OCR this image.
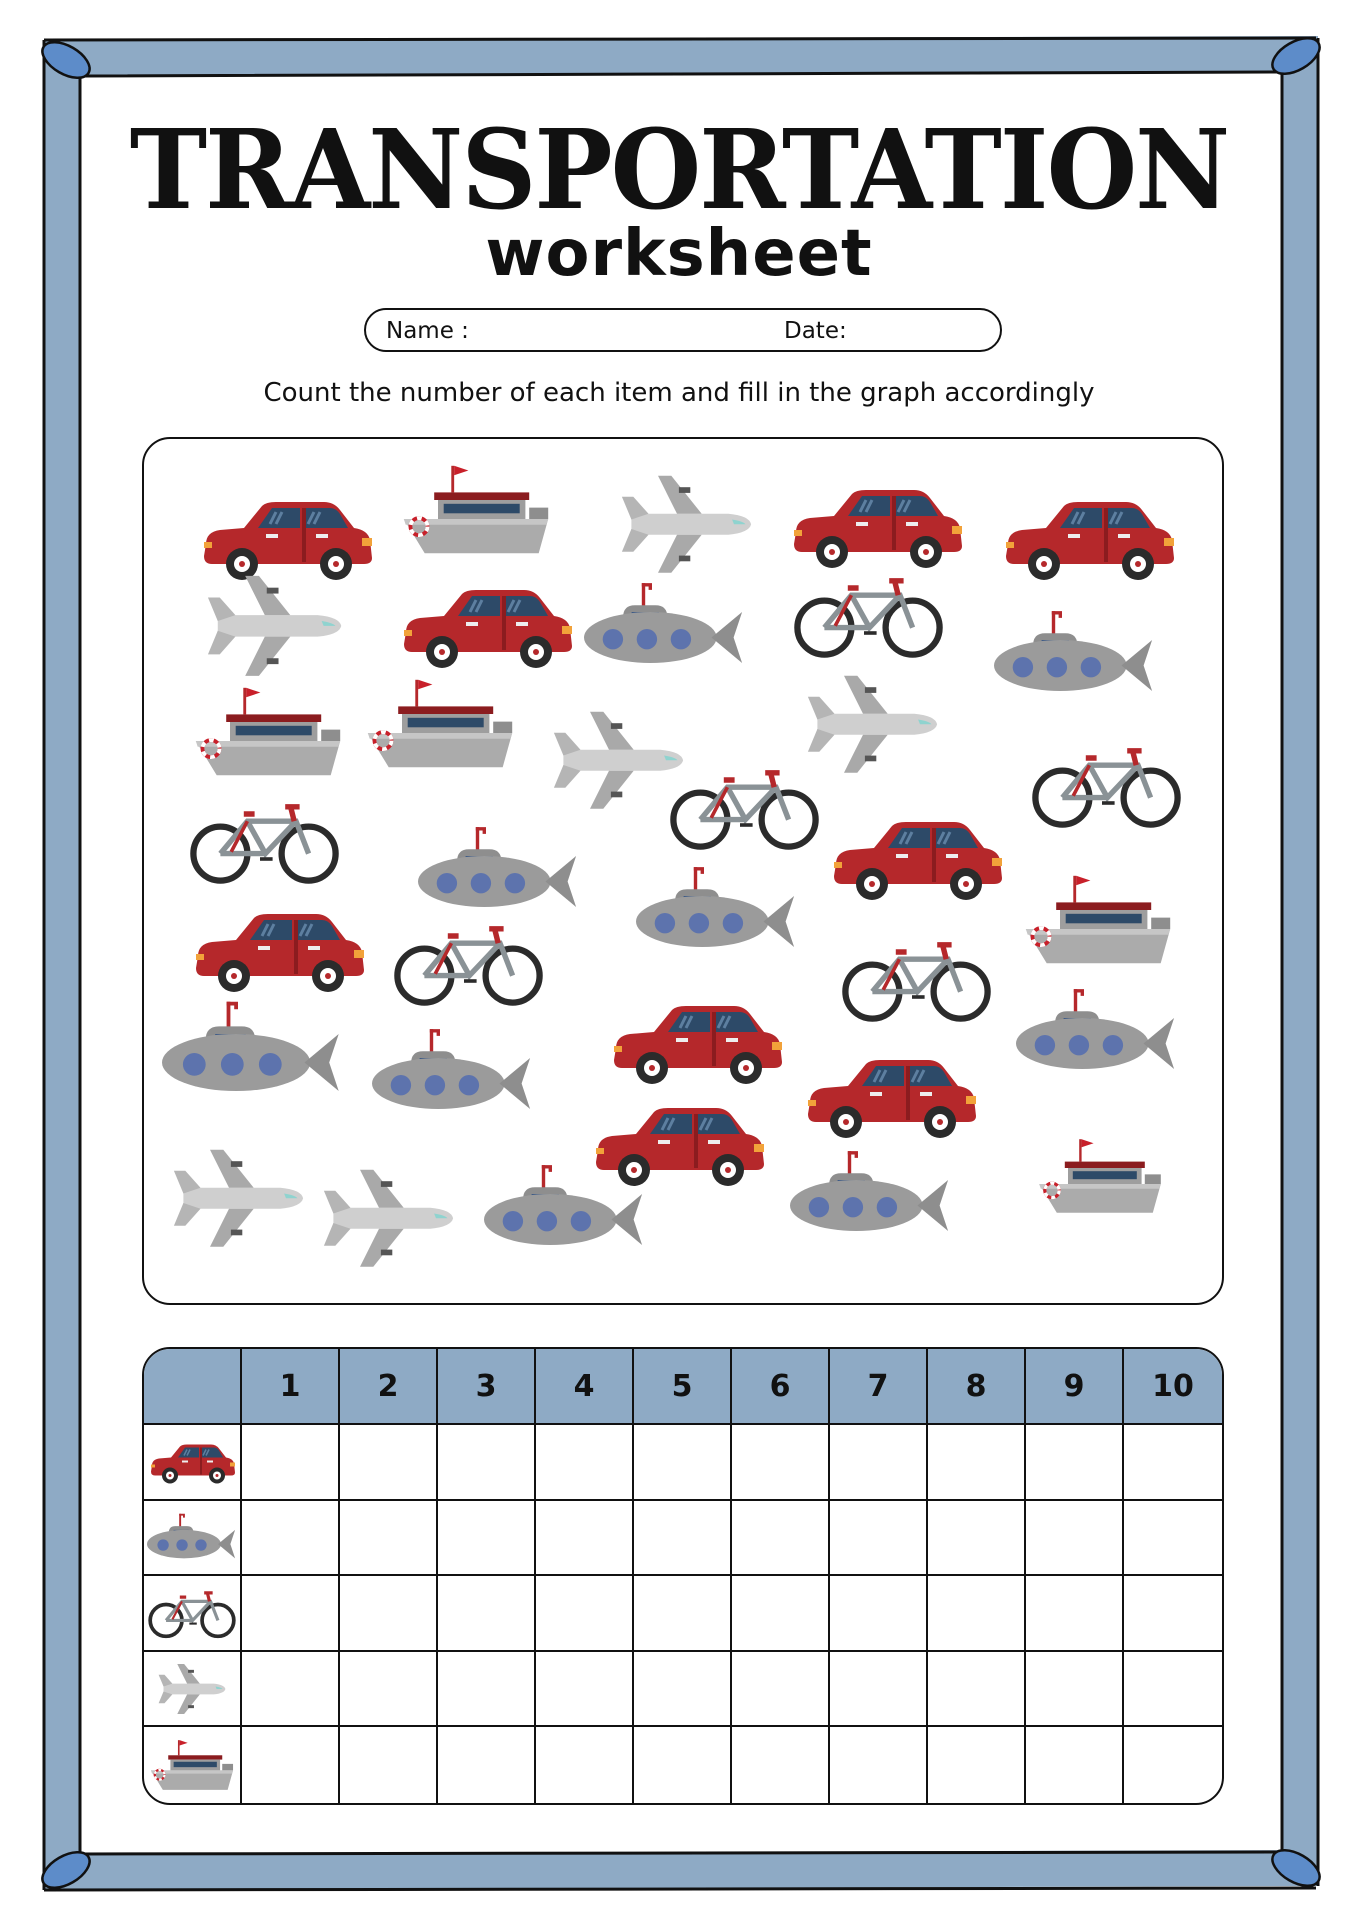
TRANSPORTATION
worksheet
Name :	Date:
Count the number of each item and fill in the graph accordingly
1	2	3	4	5	6	7	8	9	10
